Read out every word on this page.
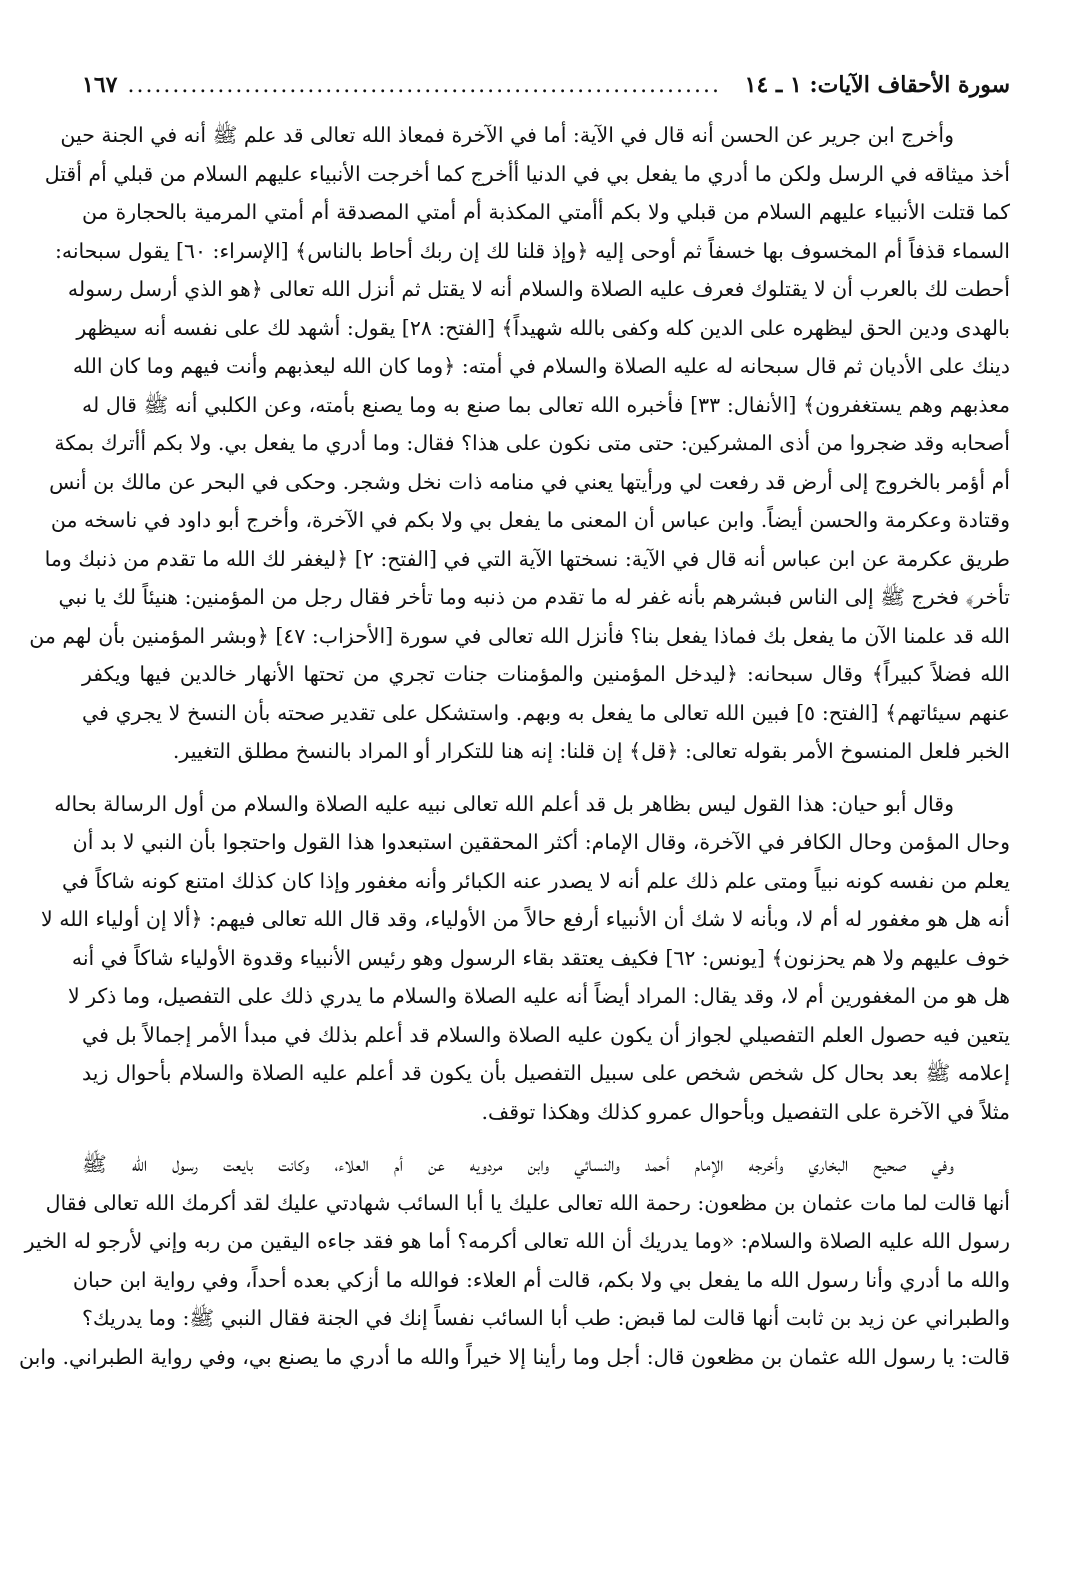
سورة الأحقاف الآيات: ١ ـ ١٤
..................................................................
١٦٧
وأخرج ابن جرير عن الحسن أنه قال في الآية: أما في الآخرة فمعاذ الله تعالى قد علم ﷺ أنه في الجنة حين
أخذ ميثاقه في الرسل ولكن ما أدري ما يفعل بي في الدنيا أأخرج كما أخرجت الأنبياء عليهم السلام من قبلي أم أقتل
كما قتلت الأنبياء عليهم السلام من قبلي ولا بكم أأمتي المكذبة أم أمتي المصدقة أم أمتي المرمية بالحجارة من
السماء قذفاً أم المخسوف بها خسفاً ثم أوحى إليه ﴿وإذ قلنا لك إن ربك أحاط بالناس﴾ [الإسراء: ٦٠] يقول سبحانه:
أحطت لك بالعرب أن لا يقتلوك فعرف عليه الصلاة والسلام أنه لا يقتل ثم أنزل الله تعالى ﴿هو الذي أرسل رسوله
بالهدى ودين الحق ليظهره على الدين كله وكفى بالله شهيداً﴾ [الفتح: ٢٨] يقول: أشهد لك على نفسه أنه سيظهر
دينك على الأديان ثم قال سبحانه له عليه الصلاة والسلام في أمته: ﴿وما كان الله ليعذبهم وأنت فيهم وما كان الله
معذبهم وهم يستغفرون﴾ [الأنفال: ٣٣] فأخبره الله تعالى بما صنع به وما يصنع بأمته، وعن الكلبي أنه ﷺ قال له
أصحابه وقد ضجروا من أذى المشركين: حتى متى نكون على هذا؟ فقال: وما أدري ما يفعل بي. ولا بكم أأترك بمكة
أم أؤمر بالخروج إلى أرض قد رفعت لي ورأيتها يعني في منامه ذات نخل وشجر. وحكى في البحر عن مالك بن أنس
وقتادة وعكرمة والحسن أيضاً. وابن عباس أن المعنى ما يفعل بي ولا بكم في الآخرة، وأخرج أبو داود في ناسخه من
طريق عكرمة عن ابن عباس أنه قال في الآية: نسختها الآية التي في [الفتح: ٢] ﴿ليغفر لك الله ما تقدم من ذنبك وما
تأخر﴾ فخرج ﷺ إلى الناس فبشرهم بأنه غفر له ما تقدم من ذنبه وما تأخر فقال رجل من المؤمنين: هنيئاً لك يا نبي
الله قد علمنا الآن ما يفعل بك فماذا يفعل بنا؟ فأنزل الله تعالى في سورة [الأحزاب: ٤٧] ﴿وبشر المؤمنين بأن لهم من
الله فضلاً كبيراً﴾ وقال سبحانه: ﴿ليدخل المؤمنين والمؤمنات جنات تجري من تحتها الأنهار خالدين فيها ويكفر
عنهم سيئاتهم﴾ [الفتح: ٥] فبين الله تعالى ما يفعل به وبهم. واستشكل على تقدير صحته بأن النسخ لا يجري في
الخبر فلعل المنسوخ الأمر بقوله تعالى: ﴿قل﴾ إن قلنا: إنه هنا للتكرار أو المراد بالنسخ مطلق التغيير.
وقال أبو حيان: هذا القول ليس بظاهر بل قد أعلم الله تعالى نبيه عليه الصلاة والسلام من أول الرسالة بحاله
وحال المؤمن وحال الكافر في الآخرة، وقال الإمام: أكثر المحققين استبعدوا هذا القول واحتجوا بأن النبي لا بد أن
يعلم من نفسه كونه نبياً ومتى علم ذلك علم أنه لا يصدر عنه الكبائر وأنه مغفور وإذا كان كذلك امتنع كونه شاكاً في
أنه هل هو مغفور له أم لا، وبأنه لا شك أن الأنبياء أرفع حالاً من الأولياء، وقد قال الله تعالى فيهم: ﴿ألا إن أولياء الله لا
خوف عليهم ولا هم يحزنون﴾ [يونس: ٦٢] فكيف يعتقد بقاء الرسول وهو رئيس الأنبياء وقدوة الأولياء شاكاً في أنه
هل هو من المغفورين أم لا، وقد يقال: المراد أيضاً أنه عليه الصلاة والسلام ما يدري ذلك على التفصيل، وما ذكر لا
يتعين فيه حصول العلم التفصيلي لجواز أن يكون عليه الصلاة والسلام قد أعلم بذلك في مبدأ الأمر إجمالاً بل في
إعلامه ﷺ بعد بحال كل شخص شخص على سبيل التفصيل بأن يكون قد أعلم عليه الصلاة والسلام بأحوال زيد
مثلاً في الآخرة على التفصيل وبأحوال عمرو كذلك وهكذا توقف.
وفي صحيح البخاري وأخرجه الإمام أحمد والنسائي وابن مردويه عن أم العلاء، وكانت بايعت رسول الله ﷺ
أنها قالت لما مات عثمان بن مظعون: رحمة الله تعالى عليك يا أبا السائب شهادتي عليك لقد أكرمك الله تعالى فقال
رسول الله عليه الصلاة والسلام: «وما يدريك أن الله تعالى أكرمه؟ أما هو فقد جاءه اليقين من ربه وإني لأرجو له الخير
والله ما أدري وأنا رسول الله ما يفعل بي ولا بكم، قالت أم العلاء: فوالله ما أزكي بعده أحداً، وفي رواية ابن حبان
والطبراني عن زيد بن ثابت أنها قالت لما قبض: طب أبا السائب نفساً إنك في الجنة فقال النبي ﷺ: وما يدريك؟
قالت: يا رسول الله عثمان بن مظعون قال: أجل وما رأينا إلا خيراً والله ما أدري ما يصنع بي، وفي رواية الطبراني. وابن
